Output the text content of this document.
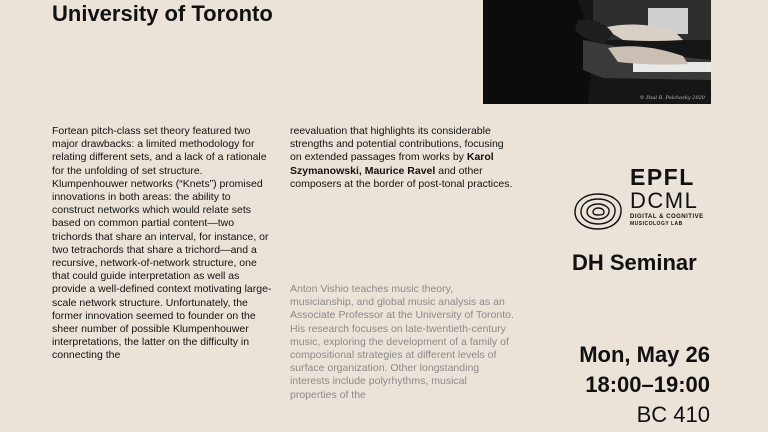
University of Toronto
© Paul B. Polchosky 2020

Fortean pitch-class set theory featured two major drawbacks: a limited methodology for relating different sets, and a lack of a rationale for the unfolding of set structure. Klumpenhouwer networks (“Knets”) promised innovations in both areas: the ability to construct networks which would relate sets based on common partial content—two trichords that share an interval, for instance, or two tetrachords that share a trichord—and a recursive, network-of-network structure, one that could guide interpretation as well as provide a well-defined context motivating large-scale network structure. Unfortunately, the former innovation seemed to founder on the sheer number of possible Klumpenhouwer interpretations, the latter on the difficulty in connecting the

reevaluation that highlights its considerable strengths and potential contributions, focusing on extended passages from works by Karol Szymanowski, Maurice Ravel and other composers at the border of post-tonal practices.

Anton Vishio teaches music theory, musicianship, and global music analysis as an Associate Professor at the University of Toronto. His research focuses on late-twentieth-century music, exploring the development of a family of compositional strategies at different levels of surface organization. Other longstanding interests include polyrhythms, musical properties of the

EPFL
DCML
DIGITAL & COGNITIVE
MUSICOLOGY LAB
DH Seminar
Mon, May 26
18:00–19:00
BC 410
